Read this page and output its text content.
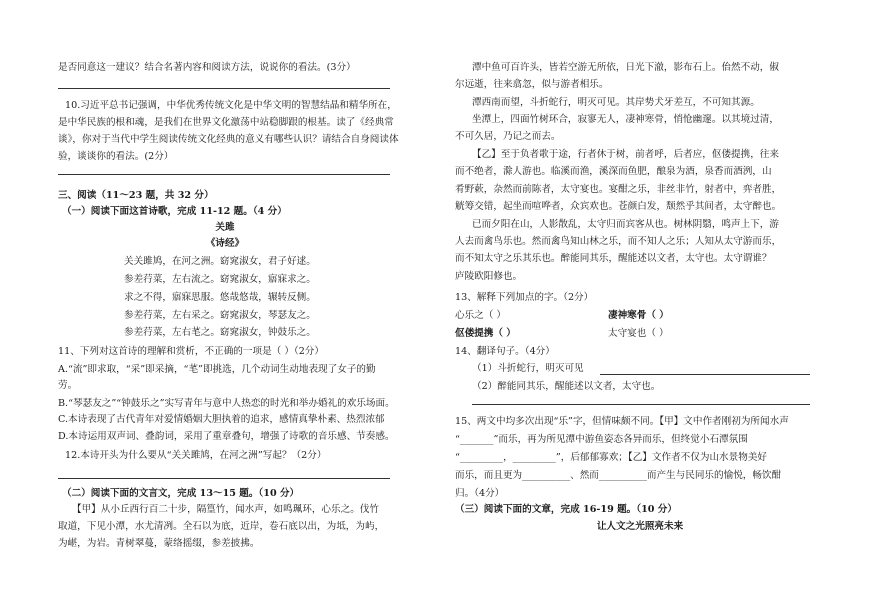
是否同意这一建议？结合名著内容和阅读方法，说说你的看法。(3分）
10.习近平总书记强调，中华优秀传统文化是中华文明的智慧结晶和精华所在，
是中华民族的根和魂，是我们在世界文化激荡中站稳脚跟的根基。读了《经典常
谈》，你对于当代中学生阅读传统文化经典的意义有哪些认识？请结合自身阅读体
验，谈谈你的看法。(2分）
三、阅读（11～23 题，共 32 分）
（一）阅读下面这首诗歌，完成 11-12 题。（4 分）
关雎
《诗经》
关关雎鸠，在河之洲。窈窕淑女，君子好逑。
参差荇菜，左右流之。窈窕淑女，寤寐求之。
求之不得，寤寐思服。悠哉悠哉，辗转反侧。
参差荇菜，左右采之。窈窕淑女，琴瑟友之。
参差荇菜，左右芼之。窈窕淑女，钟鼓乐之。
11、下列对这首诗的理解和赏析，不正确的一项是（ ）（2分）
A.“流”即求取，“采”即采摘，“芼”即挑选，几个动词生动地表现了女子的勤
劳。
B.“琴瑟友之”“钟鼓乐之”实写青年与意中人热恋的时光和举办婚礼的欢乐场面。
C.本诗表现了古代青年对爱情婚姻大胆执着的追求，感情真挚朴素、热烈浓郁
D.本诗运用双声词、叠韵词，采用了重章叠句，增强了诗歌的音乐感、节奏感。
12.本诗开头为什么要从“关关雎鸠，在河之洲”写起？（2分）
（二）阅读下面的文言文，完成 13～15 题。（10 分）
【甲】从小丘西行百二十步，隔篁竹，闻水声，如鸣珮环，心乐之。伐竹
取道，下见小潭，水尤清冽。全石以为底，近岸，卷石底以出，为坻，为屿，
为嵁，为岩。青树翠蔓，蒙络摇缀，参差披拂。
潭中鱼可百许头，皆若空游无所依，日光下澈，影布石上。佁然不动，俶
尔远逝，往来翕忽，似与游者相乐。
潭西南而望，斗折蛇行，明灭可见。其岸势犬牙差互，不可知其源。
坐潭上，四面竹树环合，寂寥无人，凄神寒骨，悄怆幽邃。以其境过清，
不可久居，乃记之而去。
【乙】至于负者歌于途，行者休于树，前者呼，后者应，伛偻提携，往来
而不绝者，滁人游也。临溪而渔，溪深而鱼肥，酿泉为酒，泉香而酒洌，山
肴野蔌，杂然而前陈者，太守宴也。宴酣之乐，非丝非竹，射者中，弈者胜，
觥筹交错，起坐而喧哗者，众宾欢也。苍颜白发，颓然乎其间者，太守醉也。
已而夕阳在山，人影散乱，太守归而宾客从也。树林阴翳，鸣声上下，游
人去而禽鸟乐也。然而禽鸟知山林之乐，而不知人之乐；人知从太守游而乐，
而不知太守之乐其乐也。醉能同其乐，醒能述以文者，太守也。太守谓谁？
庐陵欧阳修也。
13、解释下列加点的字。（2分）
心乐之（ ）	凄神寒骨（ ）
伛偻提携（ ）	太守宴也（ ）
14、翻译句子。（4分）
（1）斗折蛇行，明灭可见
（2）醉能同其乐，醒能述以文者，太守也。
15、两文中均多次出现“乐”字，但情味颇不同。【甲】文中作者刚初为所闻水声
“_______”而乐，再为所见潭中游鱼姿态各异而乐，但终觉小石潭氛围
“_________，_________”，后郁郁寡欢；【乙】文作者不仅为山水景物美好
而乐，而且更为__________、然而__________而产生与民同乐的愉悦，畅饮酣
归。（4分）
（三）阅读下面的文章，完成 16-19 题。（10 分）
让人文之光照亮未来
